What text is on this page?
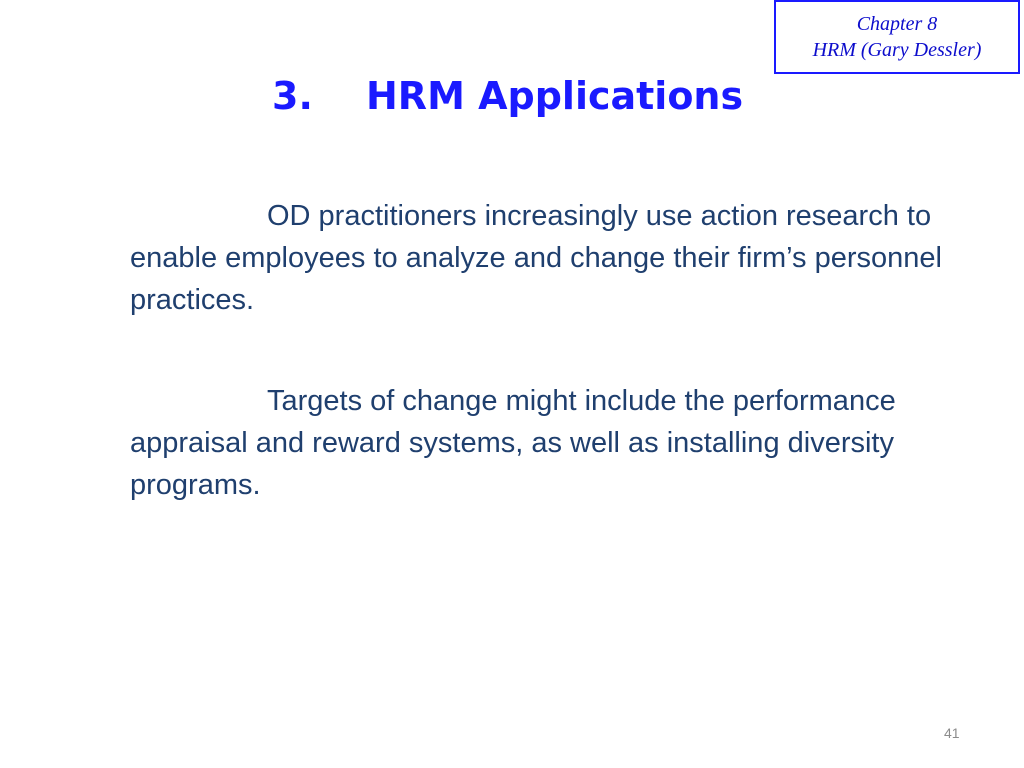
Chapter 8
HRM (Gary Dessler)
3. HRM Applications

OD practitioners increasingly use action research to enable employees to analyze and change their firm’s personnel practices.

Targets of change might include the performance appraisal and reward systems, as well as installing diversity programs.

41
